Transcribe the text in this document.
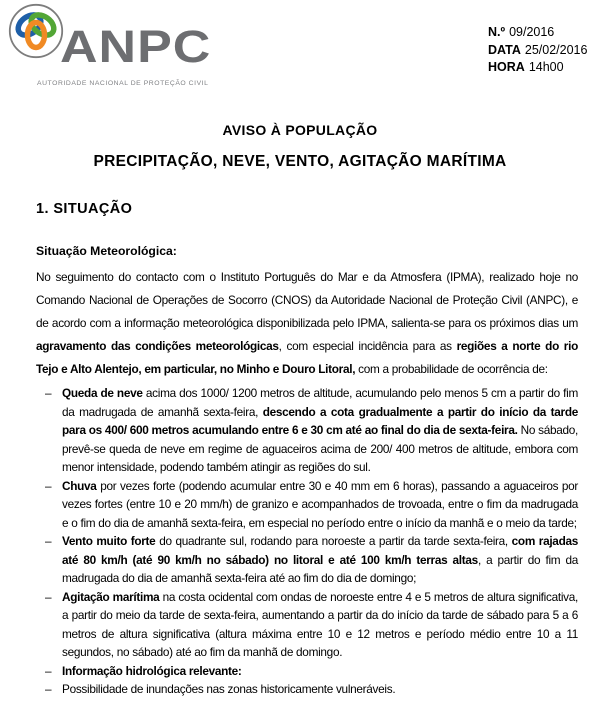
ANPC
AUTORIDADE NACIONAL DE PROTEÇÃO CIVIL
N.º 09/2016
DATA 25/02/2016
HORA 14h00
AVISO À POPULAÇÃO
PRECIPITAÇÃO, NEVE, VENTO, AGITAÇÃO MARÍTIMA
1. SITUAÇÃO
Situação Meteorológica:

No seguimento do contacto com o Instituto Português do Mar e da Atmosfera (IPMA), realizado hoje no Comando Nacional de Operações de Socorro (CNOS) da Autoridade Nacional de Proteção Civil (ANPC), e de acordo com a informação meteorológica disponibilizada pelo IPMA, salienta-se para os próximos dias um agravamento das condições meteorológicas, com especial incidência para as regiões a norte do rio Tejo e Alto Alentejo, em particular, no Minho e Douro Litoral, com a probabilidade de ocorrência de:

– Queda de neve acima dos 1000/ 1200 metros de altitude, acumulando pelo menos 5 cm a partir do fim da madrugada de amanhã sexta-feira, descendo a cota gradualmente a partir do início da tarde para os 400/ 600 metros acumulando entre 6 e 30 cm até ao final do dia de sexta-feira. No sábado, prevê-se queda de neve em regime de aguaceiros acima de 200/ 400 metros de altitude, embora com menor intensidade, podendo também atingir as regiões do sul.
– Chuva por vezes forte (podendo acumular entre 30 e 40 mm em 6 horas), passando a aguaceiros por vezes fortes (entre 10 e 20 mm/h) de granizo e acompanhados de trovoada, entre o fim da madrugada e o fim do dia de amanhã sexta-feira, em especial no período entre o início da manhã e o meio da tarde;
– Vento muito forte do quadrante sul, rodando para noroeste a partir da tarde sexta-feira, com rajadas até 80 km/h (até 90 km/h no sábado) no litoral e até 100 km/h terras altas, a partir do fim da madrugada do dia de amanhã sexta-feira até ao fim do dia de domingo;
– Agitação marítima na costa ocidental com ondas de noroeste entre 4 e 5 metros de altura significativa, a partir do meio da tarde de sexta-feira, aumentando a partir da do início da tarde de sábado para 5 a 6 metros de altura significativa (altura máxima entre 10 e 12 metros e período médio entre 10 a 11 segundos, no sábado) até ao fim da manhã de domingo.
– Informação hidrológica relevante:
– Possibilidade de inundações nas zonas historicamente vulneráveis.
